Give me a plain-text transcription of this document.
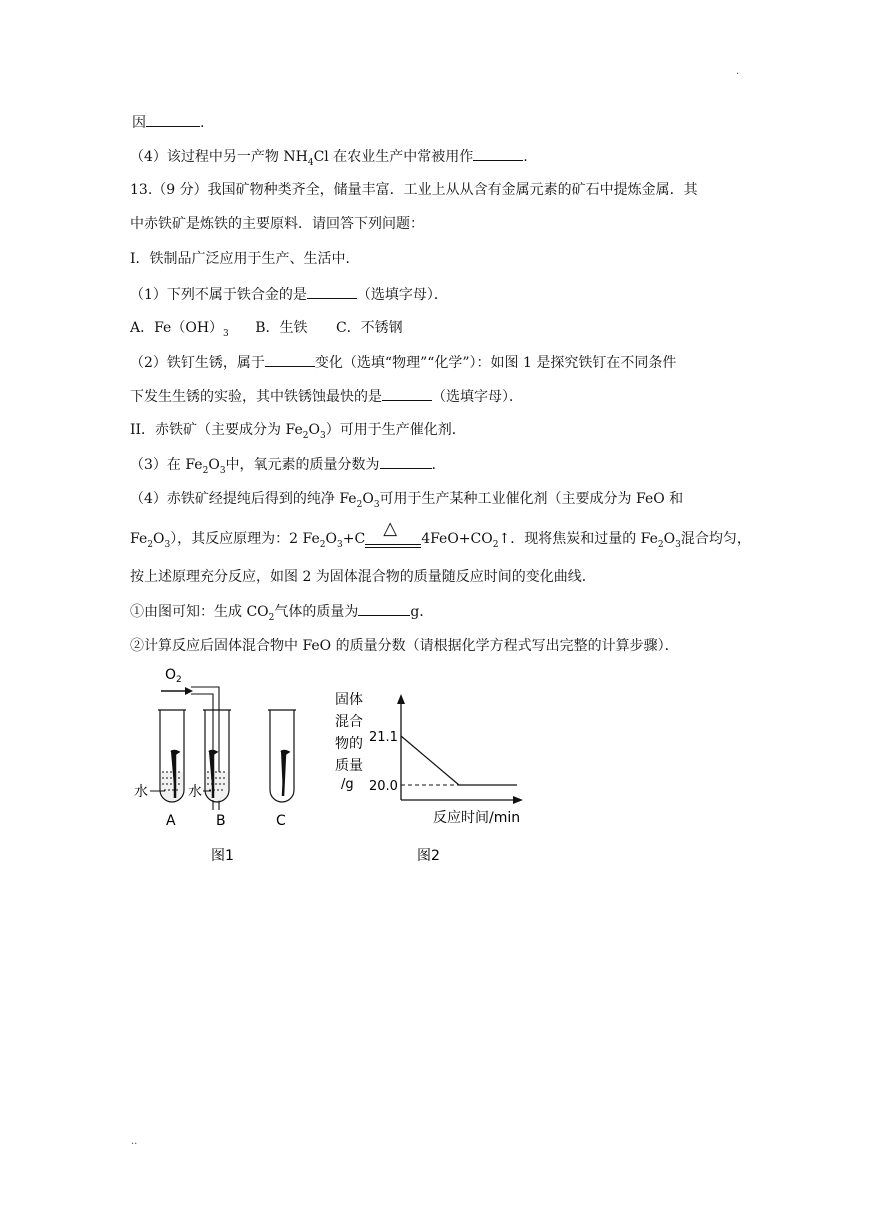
.
因	.
（4）该过程中另一产物 $NH_4Cl$ 在农业生产中常被用作	.
13.（9 分）我国矿物种类齐全，储量丰富．工业上从从含有金属元素的矿石中提炼金属．其
中赤铁矿是炼铁的主要原料．请回答下列问题：
I．铁制品广泛应用于生产、生活中．
（1）下列不属于铁合金的是	（选填字母）．
A．$Fe(OH)_3$ B．生铁 C．不锈钢
（2）铁钉生锈，属于	变化（选填“物理”“化学”）：如图 1 是探究铁钉在不同条件
下发生生锈的实验，其中铁锈蚀最快的是	（选填字母）．
II．赤铁矿（主要成分为 $Fe_2O_3$）可用于生产催化剂．
（3）在 $Fe_2O_3$中，氧元素的质量分数为	.
（4）赤铁矿经提纯后得到的纯净 $Fe_2O_3$可用于生产某种工业催化剂（主要成分为 FeO 和
$Fe_2O_3$），其反应原理为：2 $Fe_2O_3+C$
△
$4FeO+CO_2↑$．现将焦炭和过量的 $Fe_2O_3$混合均匀，
按上述原理充分反应，如图 2 为固体混合物的质量随反应时间的变化曲线．
①由图可知：生成 $CO_2$气体的质量为	g．
②计算反应后固体混合物中 FeO 的质量分数（请根据化学方程式写出完整的计算步骤）．
$O_2$
水	水
A	B	C
图1
固体
混合
物的
质量
/g
21.1
20.0
反应时间/min
图2
..
